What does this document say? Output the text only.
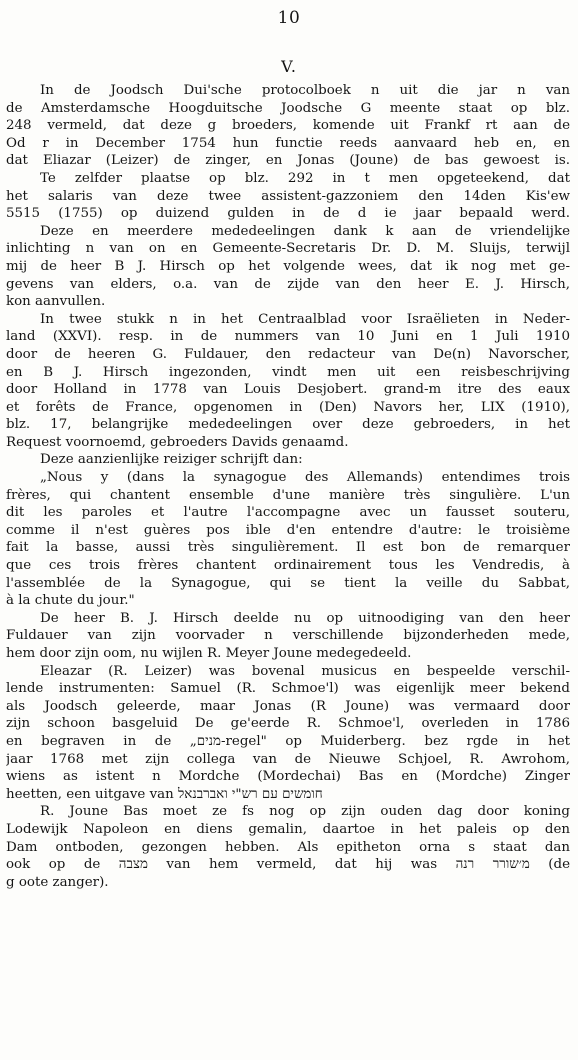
10
V.
In de Joodsch Dui'sche protocolboek n uit die jar n van
de Amsterdamsche Hoogduitsche Joodsche G meente staat op blz.
248 vermeld, dat deze g broeders, komende uit Frankf rt aan de
Od r in December 1754 hun functie reeds aanvaard heb en, en
dat Eliazar (Leizer) de zinger, en Jonas (Joune) de bas gewoest is.
Te zelfder plaatse op blz. 292 in t men opgeteekend, dat
het salaris van deze twee assistent-gazzoniem den 14den Kis'ew
5515 (1755) op duizend gulden in de d ie jaar bepaald werd.
Deze en meerdere mededeelingen dank k aan de vriendelijke
inlichting n van on en Gemeente-Secretaris Dr. D. M. Sluijs, terwijl
mij de heer B J. Hirsch op het volgende wees, dat ik nog met ge-
gevens van elders, o.a. van de zijde van den heer E. J. Hirsch,
kon aanvullen.
In twee stukk n in het Centraalblad voor Israëlieten in Neder-
land (XXVI). resp. in de nummers van 10 Juni en 1 Juli 1910
door de heeren G. Fuldauer, den redacteur van De(n) Navorscher,
en B J. Hirsch ingezonden, vindt men uit een reisbeschrijving
door Holland in 1778 van Louis Desjobert. grand-m itre des eaux
et forêts de France, opgenomen in (Den) Navors her, LIX (1910),
blz. 17, belangrijke mededeelingen over deze gebroeders, in het
Request voornoemd, gebroeders Davids genaamd.
Deze aanzienlijke reiziger schrijft dan:
„Nous y (dans la synagogue des Allemands) entendimes trois
frères, qui chantent ensemble d'une manière très singulière. L'un
dit les paroles et l'autre l'accompagne avec un fausset souteru,
comme il n'est guères pos ible d'en entendre d'autre: le troisième
fait la basse, aussi très singulièrement. Il est bon de remarquer
que ces trois frères chantent ordinairement tous les Vendredis, à
l'assemblée de la Synagogue, qui se tient la veille du Sabbat,
à la chute du jour."
De heer B. J. Hirsch deelde nu op uitnoodiging van den heer
Fuldauer van zijn voorvader n verschillende bijzonderheden mede,
hem door zijn oom, nu wijlen R. Meyer Joune medegedeeld.
Eleazar (R. Leizer) was bovenal musicus en bespeelde verschil-
lende instrumenten: Samuel (R. Schmoe'l) was eigenlijk meer bekend
als Joodsch geleerde, maar Jonas (R Joune) was vermaard door
zijn schoon basgeluid De ge'eerde R. Schmoe'l, overleden in 1786
en begraven in de „מנים-regel" op Muiderberg. bez rgde in het
jaar 1768 met zijn collega van de Nieuwe Schjoel, R. Awrohom,
wiens as istent n Mordche (Mordechai) Bas en (Mordche) Zinger
heetten, een uitgave van חומשים עם רש"י ואברבנאל
R. Joune Bas moet ze fs nog op zijn ouden dag door koning
Lodewijk Napoleon en diens gemalin, daartoe in het paleis op den
Dam ontboden, gezongen hebben. Als epitheton orna s staat dan
ook op de מצבה van hem vermeld, dat hij was מ׳שורר רנה (de
g oote zanger).
